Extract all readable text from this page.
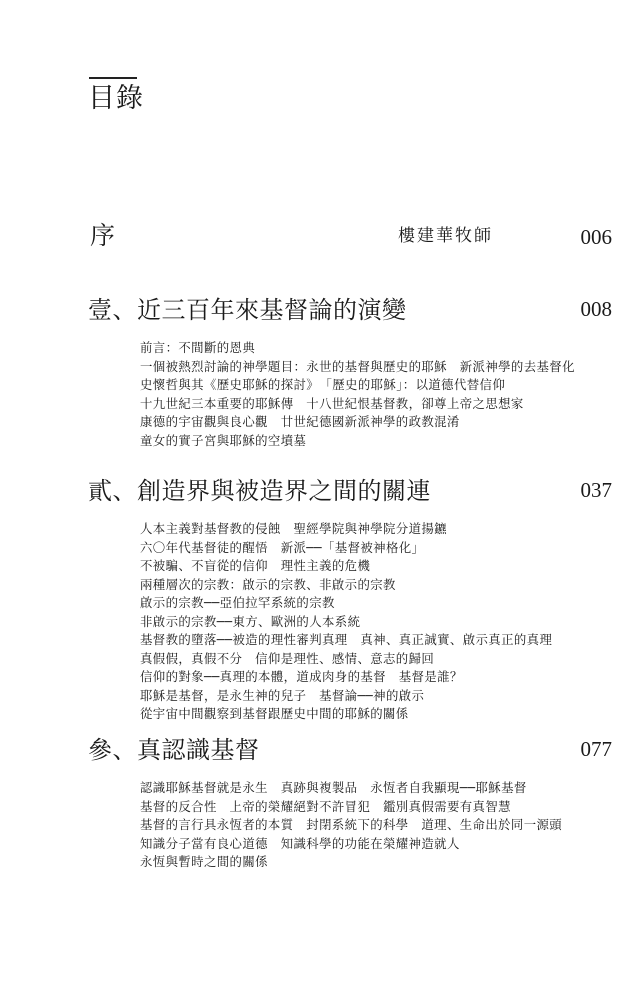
目錄
序	樓建華牧師	006
壹、近三百年來基督論的演變	008
前言：不間斷的恩典
一個被熱烈討論的神學題目：永世的基督與歷史的耶穌　新派神學的去基督化
史懷哲與其《歷史耶穌的探討》　「歷史的耶穌」：以道德代替信仰
十九世紀三本重要的耶穌傳　十八世紀恨基督教，卻尊上帝之思想家
康德的宇宙觀與良心觀　廿世紀德國新派神學的政教混淆
童女的實子宮與耶穌的空墳墓
貳、創造界與被造界之間的關連	037
人本主義對基督教的侵蝕　聖經學院與神學院分道揚鑣
六〇年代基督徒的醒悟　新派──「基督被神格化」
不被騙、不盲從的信仰　理性主義的危機
兩種層次的宗教：啟示的宗教、非啟示的宗教
啟示的宗教──亞伯拉罕系統的宗教
非啟示的宗教──東方、歐洲的人本系統
基督教的墮落──被造的理性審判真理　真神、真正誠實、啟示真正的真理
真假假，真假不分　信仰是理性、感情、意志的歸回
信仰的對象──真理的本體，道成肉身的基督　基督是誰？
耶穌是基督，是永生神的兒子　基督論──神的啟示
從宇宙中間觀察到基督跟歷史中間的耶穌的關係
參、真認識基督	077
認識耶穌基督就是永生　真跡與複製品　永恆者自我顯現──耶穌基督
基督的反合性　上帝的榮耀絕對不許冒犯　鑑別真假需要有真智慧
基督的言行具永恆者的本質　封閉系統下的科學　道理、生命出於同一源頭
知識分子當有良心道德　知識科學的功能在榮耀神造就人
永恆與暫時之間的關係
